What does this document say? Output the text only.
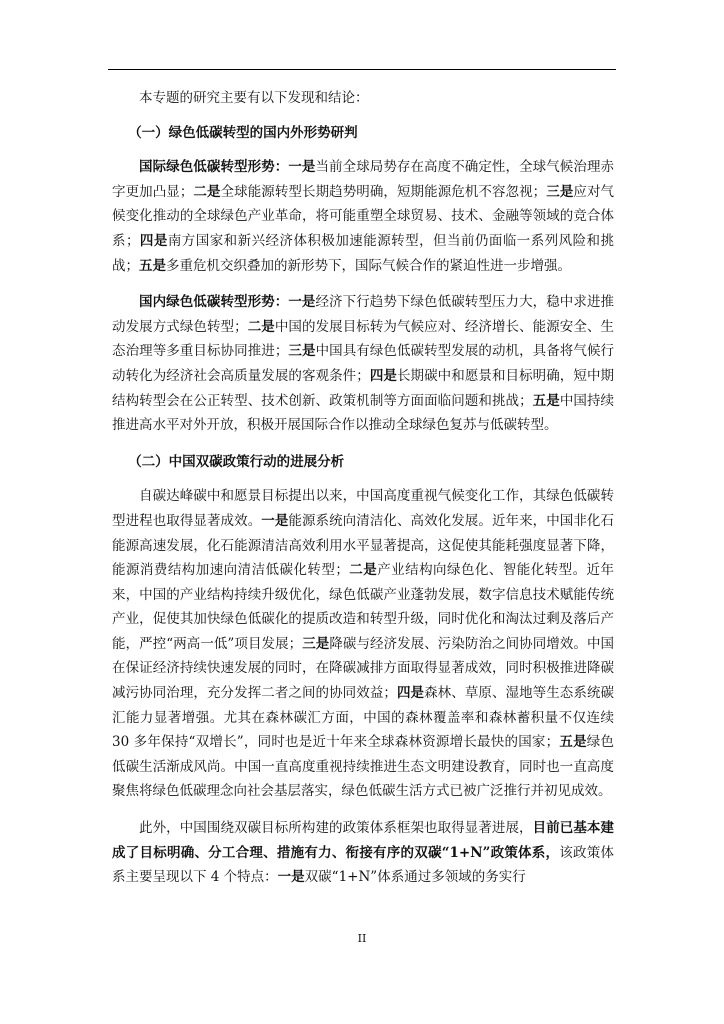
本专题的研究主要有以下发现和结论：

（一）绿色低碳转型的国内外形势研判

国际绿色低碳转型形势：一是当前全球局势存在高度不确定性，全球气候治理赤字更加凸显；二是全球能源转型长期趋势明确，短期能源危机不容忽视；三是应对气候变化推动的全球绿色产业革命，将可能重塑全球贸易、技术、金融等领域的竞合体系；四是南方国家和新兴经济体积极加速能源转型，但当前仍面临一系列风险和挑战；五是多重危机交织叠加的新形势下，国际气候合作的紧迫性进一步增强。

国内绿色低碳转型形势：一是经济下行趋势下绿色低碳转型压力大，稳中求进推动发展方式绿色转型；二是中国的发展目标转为气候应对、经济增长、能源安全、生态治理等多重目标协同推进；三是中国具有绿色低碳转型发展的动机，具备将气候行动转化为经济社会高质量发展的客观条件；四是长期碳中和愿景和目标明确，短中期结构转型会在公正转型、技术创新、政策机制等方面面临问题和挑战；五是中国持续推进高水平对外开放，积极开展国际合作以推动全球绿色复苏与低碳转型。

（二）中国双碳政策行动的进展分析

自碳达峰碳中和愿景目标提出以来，中国高度重视气候变化工作，其绿色低碳转型进程也取得显著成效。一是能源系统向清洁化、高效化发展。近年来，中国非化石能源高速发展，化石能源清洁高效利用水平显著提高，这促使其能耗强度显著下降，能源消费结构加速向清洁低碳化转型；二是产业结构向绿色化、智能化转型。近年来，中国的产业结构持续升级优化，绿色低碳产业蓬勃发展，数字信息技术赋能传统产业，促使其加快绿色低碳化的提质改造和转型升级，同时优化和淘汰过剩及落后产能，严控“两高一低”项目发展；三是降碳与经济发展、污染防治之间协同增效。中国在保证经济持续快速发展的同时，在降碳减排方面取得显著成效，同时积极推进降碳减污协同治理，充分发挥二者之间的协同效益；四是森林、草原、湿地等生态系统碳汇能力显著增强。尤其在森林碳汇方面，中国的森林覆盖率和森林蓄积量不仅连续 30 多年保持“双增长”，同时也是近十年来全球森林资源增长最快的国家；五是绿色低碳生活渐成风尚。中国一直高度重视持续推进生态文明建设教育，同时也一直高度聚焦将绿色低碳理念向社会基层落实，绿色低碳生活方式已被广泛推行并初见成效。

此外，中国围绕双碳目标所构建的政策体系框架也取得显著进展，目前已基本建成了目标明确、分工合理、措施有力、衔接有序的双碳“1+N”政策体系，该政策体系主要呈现以下 4 个特点：一是双碳“1+N”体系通过多领域的务实行

II
